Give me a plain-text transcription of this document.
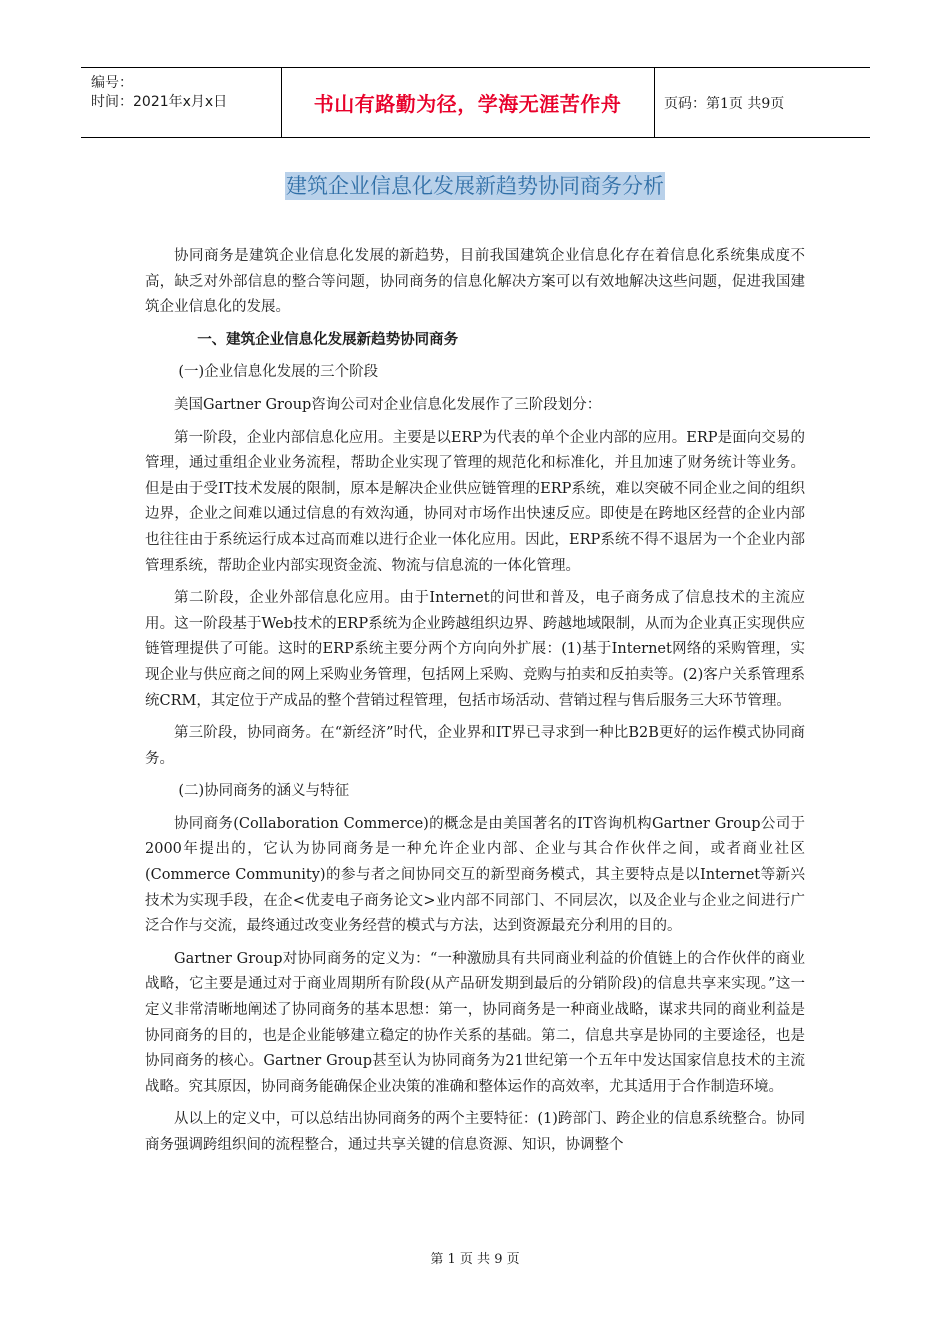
编号：
时间：2021年x月x日	书山有路勤为径，学海无涯苦作舟	页码：第1页 共9页
建筑企业信息化发展新趋势协同商务分析

协同商务是建筑企业信息化发展的新趋势，目前我国建筑企业信息化存在着信息化系统集成度不高，缺乏对外部信息的整合等问题，协同商务的信息化解决方案可以有效地解决这些问题，促进我国建筑企业信息化的发展。

一、建筑企业信息化发展新趋势协同商务

(一)企业信息化发展的三个阶段

美国Gartner Group咨询公司对企业信息化发展作了三阶段划分：

第一阶段，企业内部信息化应用。主要是以ERP为代表的单个企业内部的应用。ERP是面向交易的管理，通过重组企业业务流程，帮助企业实现了管理的规范化和标准化，并且加速了财务统计等业务。但是由于受IT技术发展的限制，原本是解决企业供应链管理的ERP系统，难以突破不同企业之间的组织边界，企业之间难以通过信息的有效沟通，协同对市场作出快速反应。即使是在跨地区经营的企业内部也往往由于系统运行成本过高而难以进行企业一体化应用。因此，ERP系统不得不退居为一个企业内部管理系统，帮助企业内部实现资金流、物流与信息流的一体化管理。

第二阶段，企业外部信息化应用。由于Internet的问世和普及，电子商务成了信息技术的主流应用。这一阶段基于Web技术的ERP系统为企业跨越组织边界、跨越地域限制，从而为企业真正实现供应链管理提供了可能。这时的ERP系统主要分两个方向向外扩展：(1)基于Internet网络的采购管理，实现企业与供应商之间的网上采购业务管理，包括网上采购、竞购与拍卖和反拍卖等。(2)客户关系管理系统CRM，其定位于产成品的整个营销过程管理，包括市场活动、营销过程与售后服务三大环节管理。

第三阶段，协同商务。在“新经济”时代，企业界和IT界已寻求到一种比B2B更好的运作模式协同商务。

(二)协同商务的涵义与特征

协同商务(Collaboration Commerce)的概念是由美国著名的IT咨询机构Gartner Group公司于2000年提出的，它认为协同商务是一种允许企业内部、企业与其合作伙伴之间，或者商业社区(Commerce Community)的参与者之间协同交互的新型商务模式，其主要特点是以Internet等新兴技术为实现手段，在企<优麦电子商务论文>业内部不同部门、不同层次，以及企业与企业之间进行广泛合作与交流，最终通过改变业务经营的模式与方法，达到资源最充分利用的目的。

Gartner Group对协同商务的定义为：“一种激励具有共同商业利益的价值链上的合作伙伴的商业战略，它主要是通过对于商业周期所有阶段(从产品研发期到最后的分销阶段)的信息共享来实现。”这一定义非常清晰地阐述了协同商务的基本思想：第一，协同商务是一种商业战略，谋求共同的商业利益是协同商务的目的，也是企业能够建立稳定的协作关系的基础。第二，信息共享是协同的主要途径，也是协同商务的核心。Gartner Group甚至认为协同商务为21世纪第一个五年中发达国家信息技术的主流战略。究其原因，协同商务能确保企业决策的准确和整体运作的高效率，尤其适用于合作制造环境。

从以上的定义中，可以总结出协同商务的两个主要特征：(1)跨部门、跨企业的信息系统整合。协同商务强调跨组织间的流程整合，通过共享关键的信息资源、知识，协调整个

第 1 页 共 9 页
